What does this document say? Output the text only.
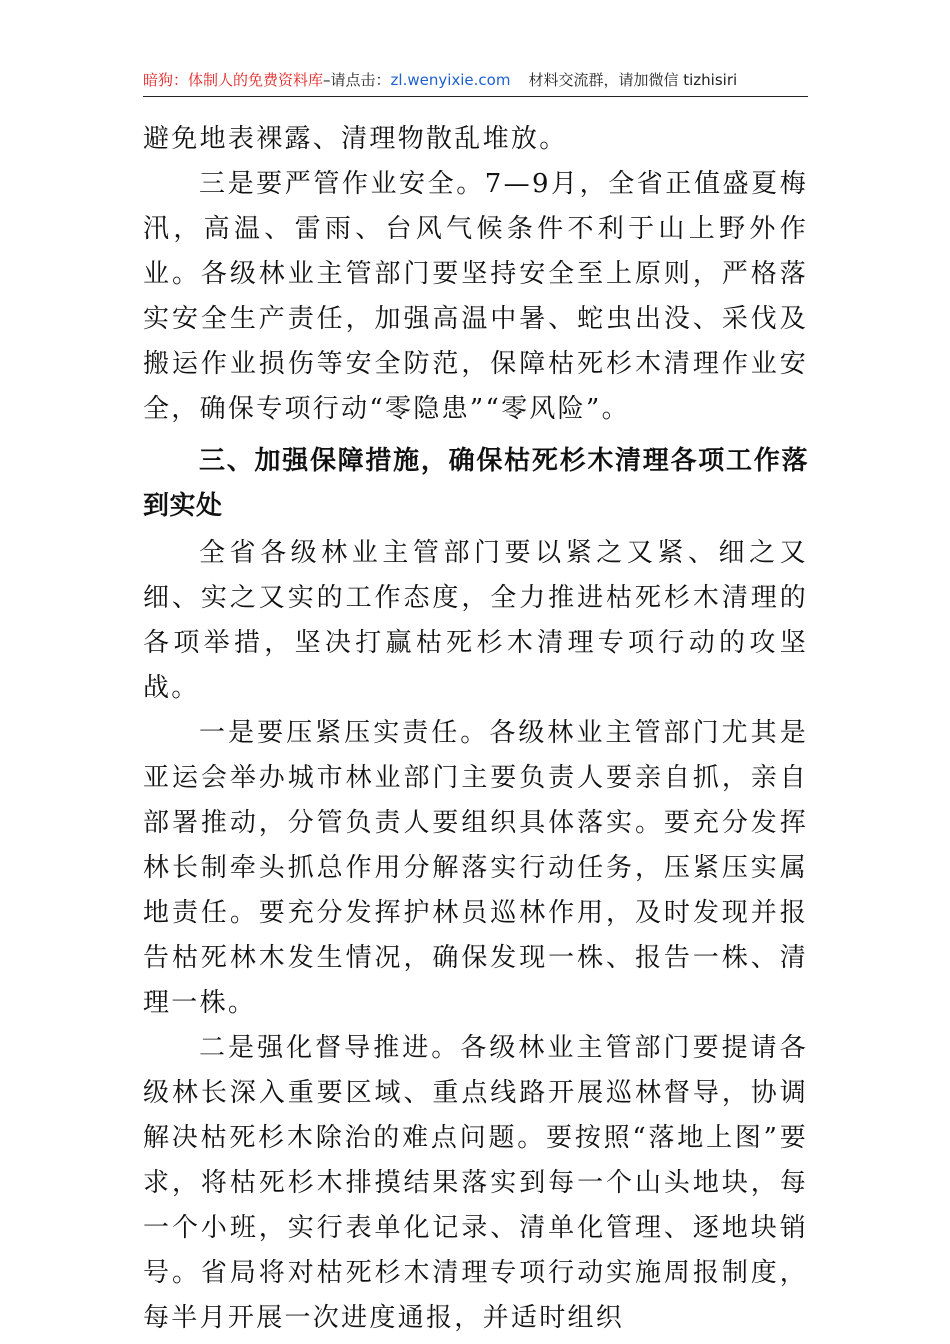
暗狗：体制人的免费资料库 –请点击： zl.wenyixie.com 材料交流群，请加微信 tizhisiri

避免地表裸露、清理物散乱堆放。

三是要严管作业安全。7—9月，全省正值盛夏梅汛，高温、雷雨、台风气候条件不利于山上野外作业。各级林业主管部门要坚持安全至上原则，严格落实安全生产责任，加强高温中暑、蛇虫出没、采伐及搬运作业损伤等安全防范，保障枯死杉木清理作业安全，确保专项行动“零隐患”“零风险”。

三、加强保障措施，确保枯死杉木清理各项工作落到实处

全省各级林业主管部门要以紧之又紧、细之又细、实之又实的工作态度，全力推进枯死杉木清理的各项举措，坚决打赢枯死杉木清理专项行动的攻坚战。

一是要压紧压实责任。各级林业主管部门尤其是亚运会举办城市林业部门主要负责人要亲自抓，亲自部署推动，分管负责人要组织具体落实。要充分发挥林长制牵头抓总作用分解落实行动任务，压紧压实属地责任。要充分发挥护林员巡林作用，及时发现并报告枯死林木发生情况，确保发现一株、报告一株、清理一株。

二是强化督导推进。各级林业主管部门要提请各级林长深入重要区域、重点线路开展巡林督导，协调解决枯死杉木除治的难点问题。要按照“落地上图”要求，将枯死杉木排摸结果落实到每一个山头地块，每一个小班，实行表单化记录、清单化管理、逐地块销号。省局将对枯死杉木清理专项行动实施周报制度，每半月开展一次进度通报，并适时组织
